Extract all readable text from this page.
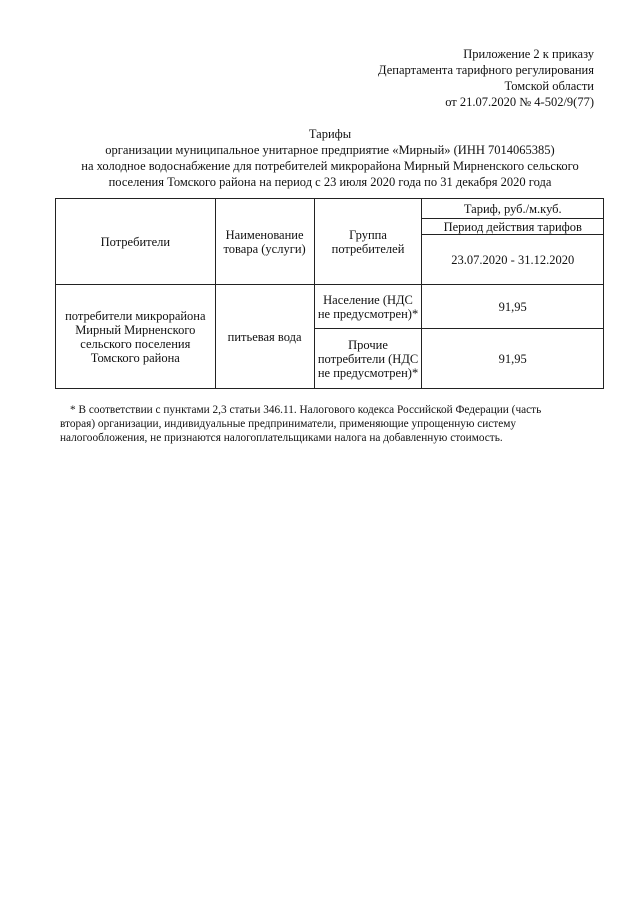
Приложение 2 к приказу
Департамента тарифного регулирования
Томской области
от 21.07.2020 № 4-502/9(77)
Тарифы
организации муниципальное унитарное предприятие «Мирный» (ИНН 7014065385)
на холодное водоснабжение для потребителей микрорайона Мирный Мирненского сельского
поселения Томского района на период с 23 июля 2020 года по 31 декабря 2020 года
Потребители	Наименование товара (услуги)	Группа потребителей	Тариф, руб./м.куб.
			Период действия тарифов
			23.07.2020 - 31.12.2020
потребители микрорайона Мирный Мирненского сельского поселения Томского района	питьевая вода	Население (НДС не предусмотрен)*	91,95
		Прочие потребители (НДС не предусмотрен)*	91,95
* В соответствии с пунктами 2,3 статьи 346.11. Налогового кодекса Российской Федерации (часть
вторая) организации, индивидуальные предприниматели, применяющие упрощенную систему
налогообложения, не признаются налогоплательщиками налога на добавленную стоимость.
